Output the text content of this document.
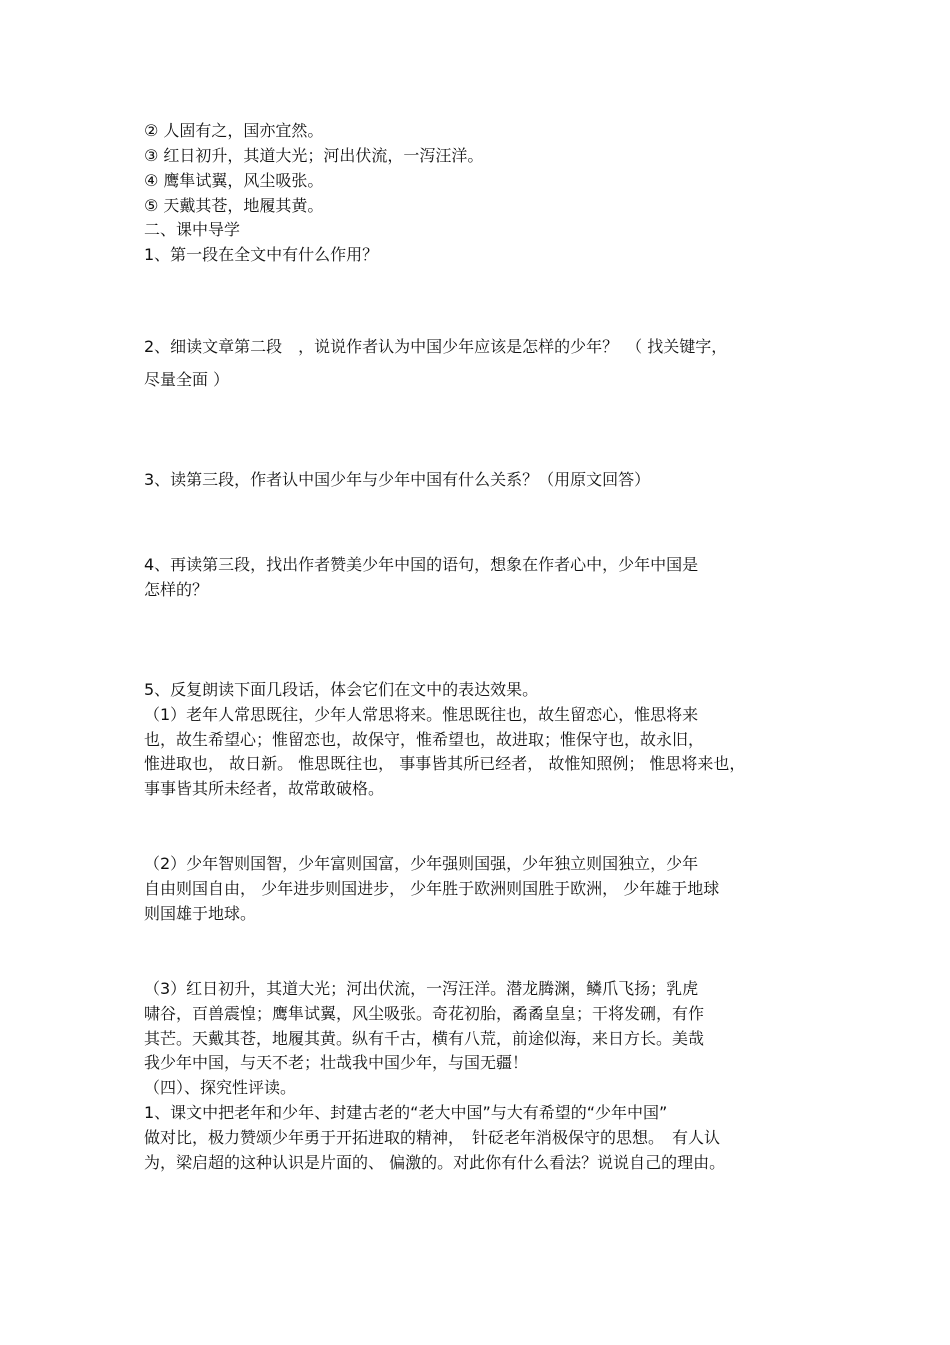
② 人固有之，国亦宜然。

③ 红日初升，其道大光；河出伏流，一泻汪洋。

④ 鹰隼试翼，风尘吸张。

⑤ 天戴其苍，地履其黄。

二、课中导学

1、第一段在全文中有什么作用？

2、细读文章第二段　，说说作者认为中国少年应该是怎样的少年？　（ 找关键字，

尽量全面 ）

3、读第三段，作者认中国少年与少年中国有什么关系？（用原文回答）

4、再读第三段，找出作者赞美少年中国的语句，想象在作者心中，少年中国是

怎样的？

5、反复朗读下面几段话，体会它们在文中的表达效果。

（1）老年人常思既往，少年人常思将来。惟思既往也，故生留恋心，惟思将来

也，故生希望心；惟留恋也，故保守，惟希望也，故进取；惟保守也，故永旧，

惟进取也， 故日新。 惟思既往也， 事事皆其所已经者， 故惟知照例； 惟思将来也，

事事皆其所未经者，故常敢破格。

（2）少年智则国智，少年富则国富，少年强则国强，少年独立则国独立，少年

自由则国自由， 少年进步则国进步， 少年胜于欧洲则国胜于欧洲， 少年雄于地球

则国雄于地球。

（3）红日初升，其道大光；河出伏流，一泻汪洋。潜龙腾渊，鳞爪飞扬；乳虎

啸谷，百兽震惶；鹰隼试翼，风尘吸张。奇花初胎，矞矞皇皇；干将发硎，有作

其芒。天戴其苍，地履其黄。纵有千古，横有八荒，前途似海，来日方长。美哉

我少年中国，与天不老；壮哉我中国少年，与国无疆！

（四）、探究性评读。

1、课文中把老年和少年、封建古老的“老大中国”与大有希望的“少年中国”

做对比，极力赞颂少年勇于开拓进取的精神，　针砭老年消极保守的思想。　有人认

为，梁启超的这种认识是片面的、 偏激的。对此你有什么看法？说说自己的理由。
